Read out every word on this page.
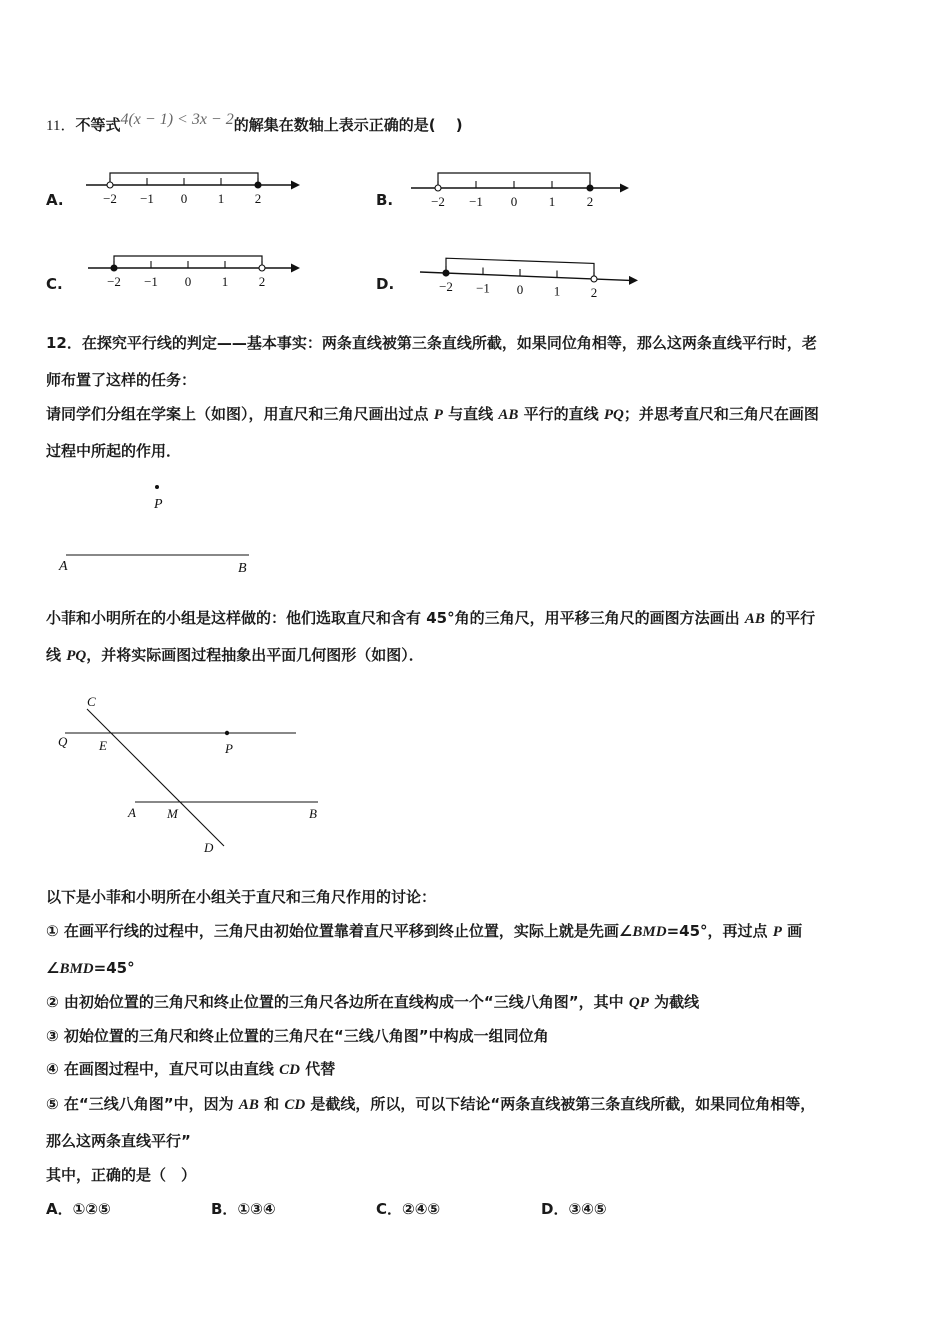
11．不等式4(x − 1) < 3x − 2的解集在数轴上表示正确的是(　 )
A.	−2 −1 0 1 2	B.	−2 −1 0 1 2
C.	−2 −1 0 1 2	D.	−2 −1 0 1 2
12．在探究平行线的判定——基本事实：两条直线被第三条直线所截，如果同位角相等，那么这两条直线平行时，老
师布置了这样的任务：
请同学们分组在学案上（如图），用直尺和三角尺画出过点 P 与直线 AB 平行的直线 PQ；并思考直尺和三角尺在画图
过程中所起的作用．
P
A	B
小菲和小明所在的小组是这样做的：他们选取直尺和含有 45°角的三角尺，用平移三角尺的画图方法画出 AB 的平行
线 PQ，并将实际画图过程抽象出平面几何图形（如图）．
C
Q E	P
A M	B
D
以下是小菲和小明所在小组关于直尺和三角尺作用的讨论：
① 在画平行线的过程中，三角尺由初始位置靠着直尺平移到终止位置，实际上就是先画∠BMD=45°，再过点 P 画
∠BMD=45°
② 由初始位置的三角尺和终止位置的三角尺各边所在直线构成一个“三线八角图”，其中 QP 为截线
③ 初始位置的三角尺和终止位置的三角尺在“三线八角图”中构成一组同位角
④ 在画图过程中，直尺可以由直线 CD 代替
⑤ 在“三线八角图”中，因为 AB 和 CD 是截线，所以，可以下结论“两条直线被第三条直线所截，如果同位角相等，
那么这两条直线平行”
其中，正确的是（　）
A．①②⑤	B．①③④	C．②④⑤	D．③④⑤
